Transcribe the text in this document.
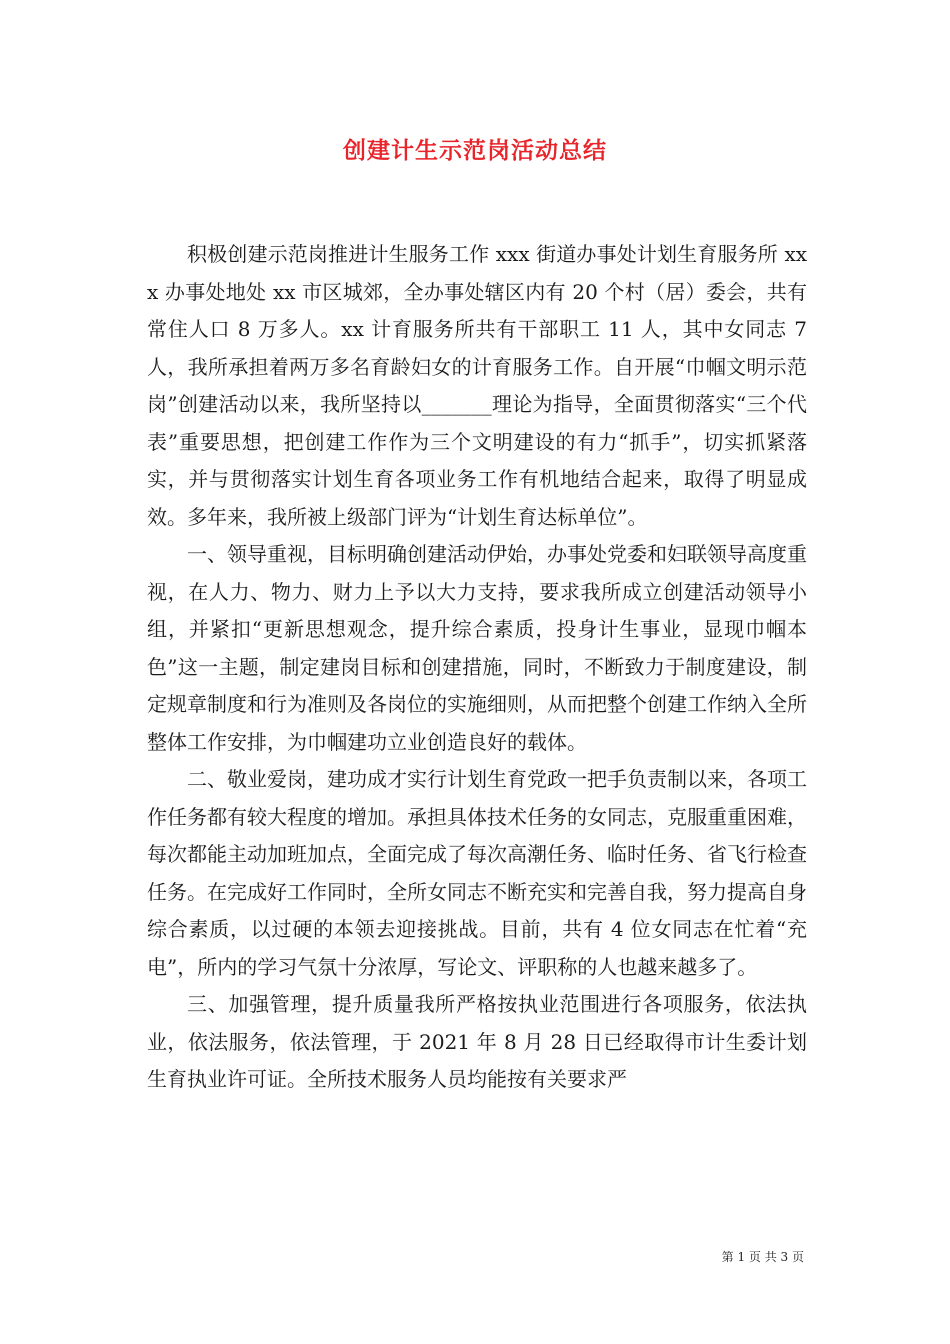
创建计生示范岗活动总结

积极创建示范岗推进计生服务工作 xxx 街道办事处计划生育服务所 xxx 办事处地处 xx 市区城郊，全办事处辖区内有 20 个村（居）委会，共有常住人口 8 万多人。xx 计育服务所共有干部职工 11 人，其中女同志 7 人，我所承担着两万多名育龄妇女的计育服务工作。自开展“巾帼文明示范岗”创建活动以来，我所坚持以_______理论为指导，全面贯彻落实“三个代表”重要思想，把创建工作作为三个文明建设的有力“抓手”，切实抓紧落实，并与贯彻落实计划生育各项业务工作有机地结合起来，取得了明显成效。多年来，我所被上级部门评为“计划生育达标单位”。

一、领导重视，目标明确创建活动伊始，办事处党委和妇联领导高度重视，在人力、物力、财力上予以大力支持，要求我所成立创建活动领导小组，并紧扣“更新思想观念，提升综合素质，投身计生事业，显现巾帼本色”这一主题，制定建岗目标和创建措施，同时，不断致力于制度建设，制定规章制度和行为准则及各岗位的实施细则，从而把整个创建工作纳入全所整体工作安排，为巾帼建功立业创造良好的载体。

二、敬业爱岗，建功成才实行计划生育党政一把手负责制以来，各项工作任务都有较大程度的增加。承担具体技术任务的女同志，克服重重困难，每次都能主动加班加点，全面完成了每次高潮任务、临时任务、省飞行检查任务。在完成好工作同时，全所女同志不断充实和完善自我，努力提高自身综合素质，以过硬的本领去迎接挑战。目前，共有 4 位女同志在忙着“充电”，所内的学习气氛十分浓厚，写论文、评职称的人也越来越多了。

三、加强管理，提升质量我所严格按执业范围进行各项服务，依法执业，依法服务，依法管理，于 2021 年 8 月 28 日已经取得市计生委计划生育执业许可证。全所技术服务人员均能按有关要求严

第 1 页 共 3 页
